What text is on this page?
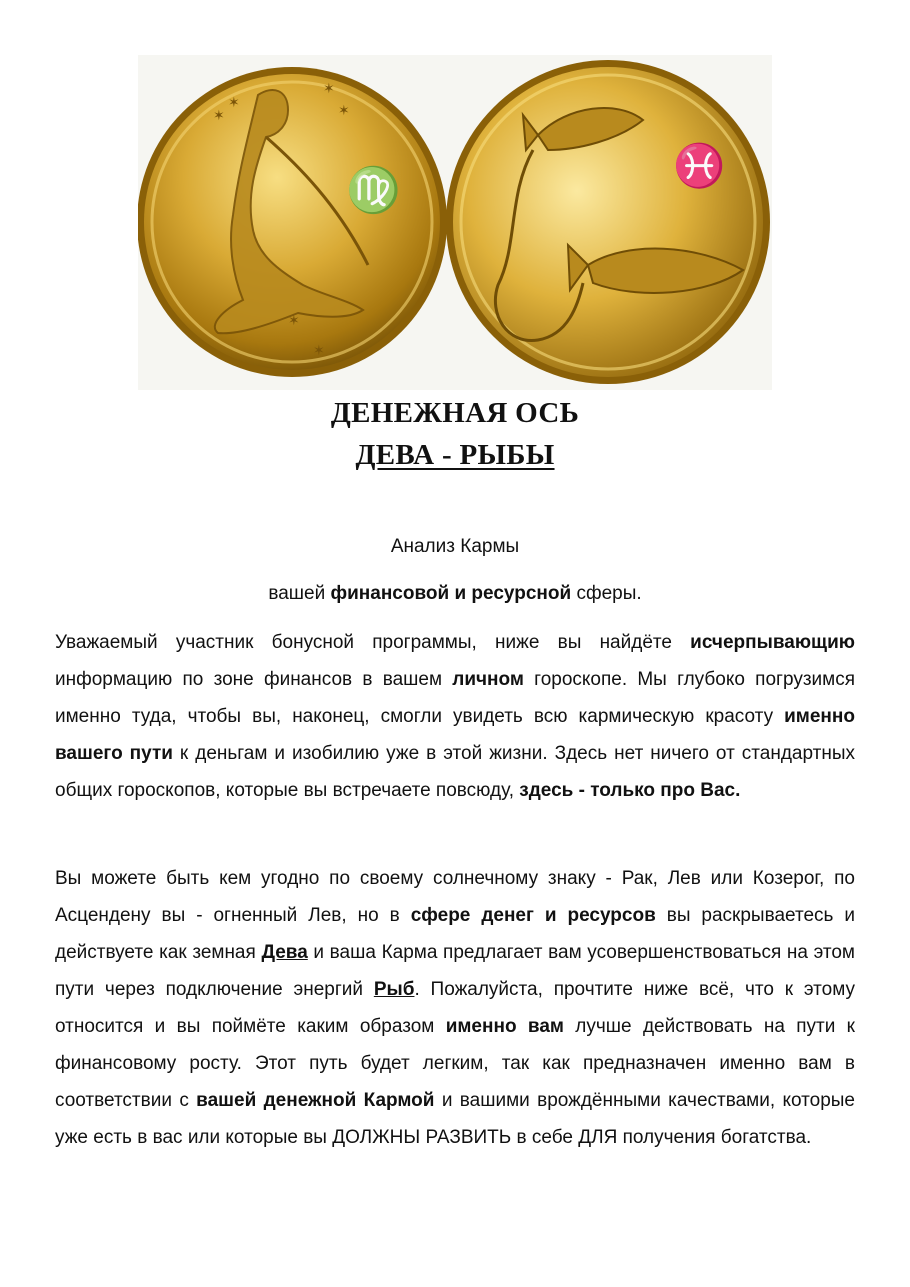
♍
✶
✶
✶
✶
✶
✶
♓
ДЕНЕЖНАЯ ОСЬ
ДЕВА - РЫБЫ
Анализ Кармы
вашей финансовой и ресурсной сферы.
Уважаемый участник бонусной программы, ниже вы найдёте исчерпывающию информацию по зоне финансов в вашем личном гороскопе. Мы глубоко погрузимся именно туда, чтобы вы, наконец, смогли увидеть всю кармическую красоту именно вашего пути к деньгам и изобилию уже в этой жизни. Здесь нет ничего от стандартных общих гороскопов, которые вы встречаете повсюду, здесь - только про Вас.
Вы можете быть кем угодно по своему солнечному знаку - Рак, Лев или Козерог, по Асцендену вы - огненный Лев, но в сфере денег и ресурсов вы раскрываетесь и действуете как земная Дева и ваша Карма предлагает вам усовершенствоваться на этом пути через подключение энергий Рыб. Пожалуйста, прочтите ниже всё, что к этому относится и вы поймёте каким образом именно вам лучше действовать на пути к финансовому росту. Этот путь будет легким, так как предназначен именно вам в соответствии с вашей денежной Кармой и вашими врождёнными качествами, которые уже есть в вас или которые вы ДОЛЖНЫ РАЗВИТЬ в себе ДЛЯ получения богатства.
